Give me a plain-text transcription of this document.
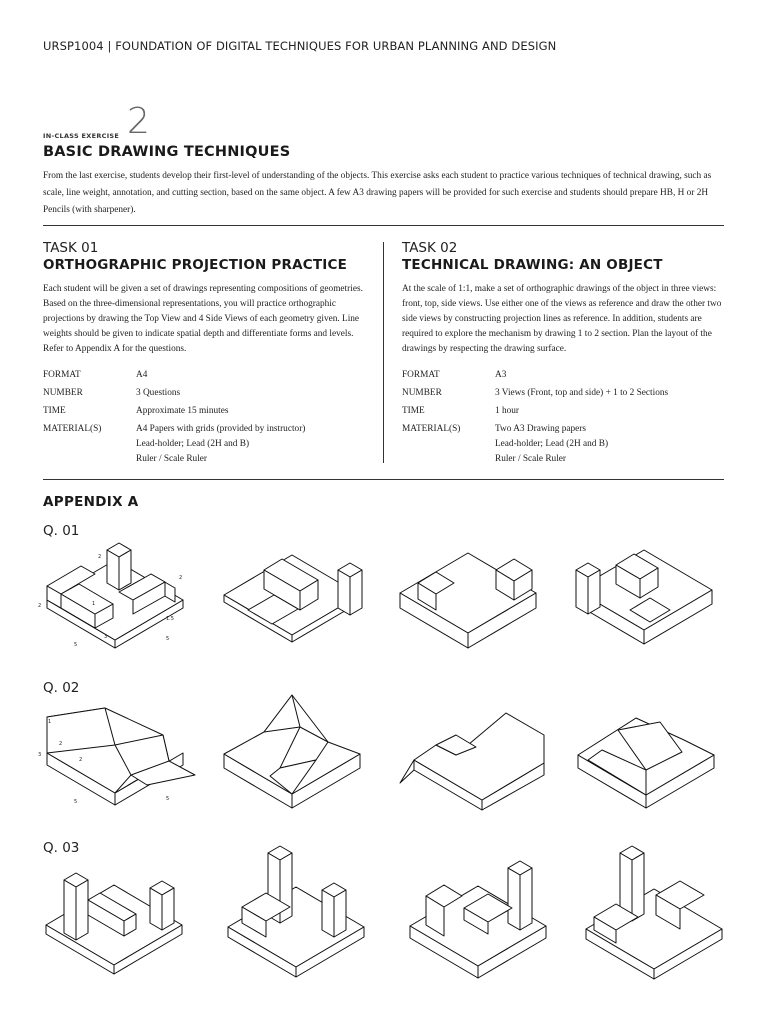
URSP1004 | FOUNDATION OF DIGITAL TECHNIQUES FOR URBAN PLANNING AND DESIGN
IN-CLASS EXERCISE 2
BASIC DRAWING TECHNIQUES
From the last exercise, students develop their first-level of understanding of the objects. This exercise asks each student to practice various techniques of technical drawing, such as scale, line weight, annotation, and cutting section, based on the same object. A few A3 drawing papers will be provided for such exercise and students should prepare HB, H or 2H Pencils (with sharpener).
TASK 01
ORTHOGRAPHIC PROJECTION PRACTICE
Each student will be given a set of drawings representing compositions of geometries. Based on the three-dimensional representations, you will practice orthographic projections by drawing the Top View and 4 Side Views of each geometry given. Line weights should be given to indicate spatial depth and differentiate forms and levels. Refer to Appendix A for the questions.
FORMAT	A4
NUMBER	3 Questions
TIME	Approximate 15 minutes
MATERIAL(S)	A4 Papers with grids (provided by instructor)
Lead-holder; Lead (2H and B)
Ruler / Scale Ruler
TASK 02
TECHNICAL DRAWING: AN OBJECT
At the scale of 1:1, make a set of orthographic drawings of the object in three views: front, top, side views. Use either one of the views as reference and draw the other two side views by constructing projection lines as reference. In addition, students are required to explore the mechanism by drawing 1 to 2 section. Plan the layout of the drawings by respecting the drawing surface.
FORMAT	A3
NUMBER	3 Views (Front, top and side) + 1 to 2 Sections
TIME	1 hour
MATERIAL(S)	Two A3 Drawing papers
Lead-holder; Lead (2H and B)
Ruler / Scale Ruler
APPENDIX A
Q. 01
Q. 02
Q. 03
2
2
2	1
1.5
3
5
5
1
2
3
2
5	5
